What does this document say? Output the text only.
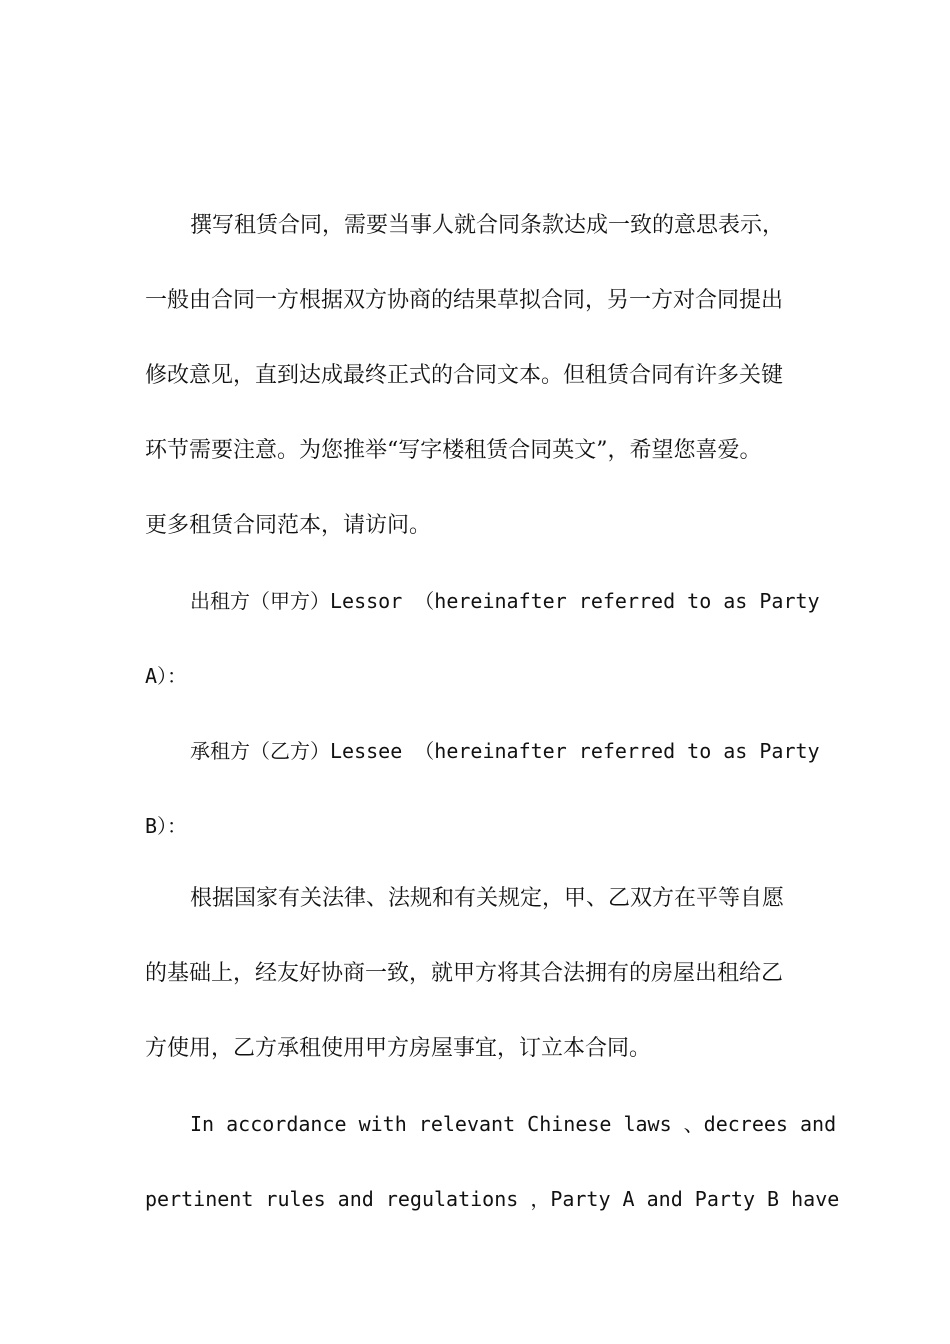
撰写租赁合同，需要当事人就合同条款达成一致的意思表示，
一般由合同一方根据双方协商的结果草拟合同，另一方对合同提出
修改意见，直到达成最终正式的合同文本。但租赁合同有许多关键
环节需要注意。为您推举“写字楼租赁合同英文”，希望您喜爱。
更多租赁合同范本，请访问。
出租方（甲方）Lessor （hereinafter referred to as Party
A）：
承租方（乙方）Lessee （hereinafter referred to as Party
B）：
根据国家有关法律、法规和有关规定，甲、乙双方在平等自愿
的基础上，经友好协商一致，就甲方将其合法拥有的房屋出租给乙
方使用，乙方承租使用甲方房屋事宜，订立本合同。
In accordance with relevant Chinese laws 、decrees and
pertinent rules and regulations ，Party A and Party B have
